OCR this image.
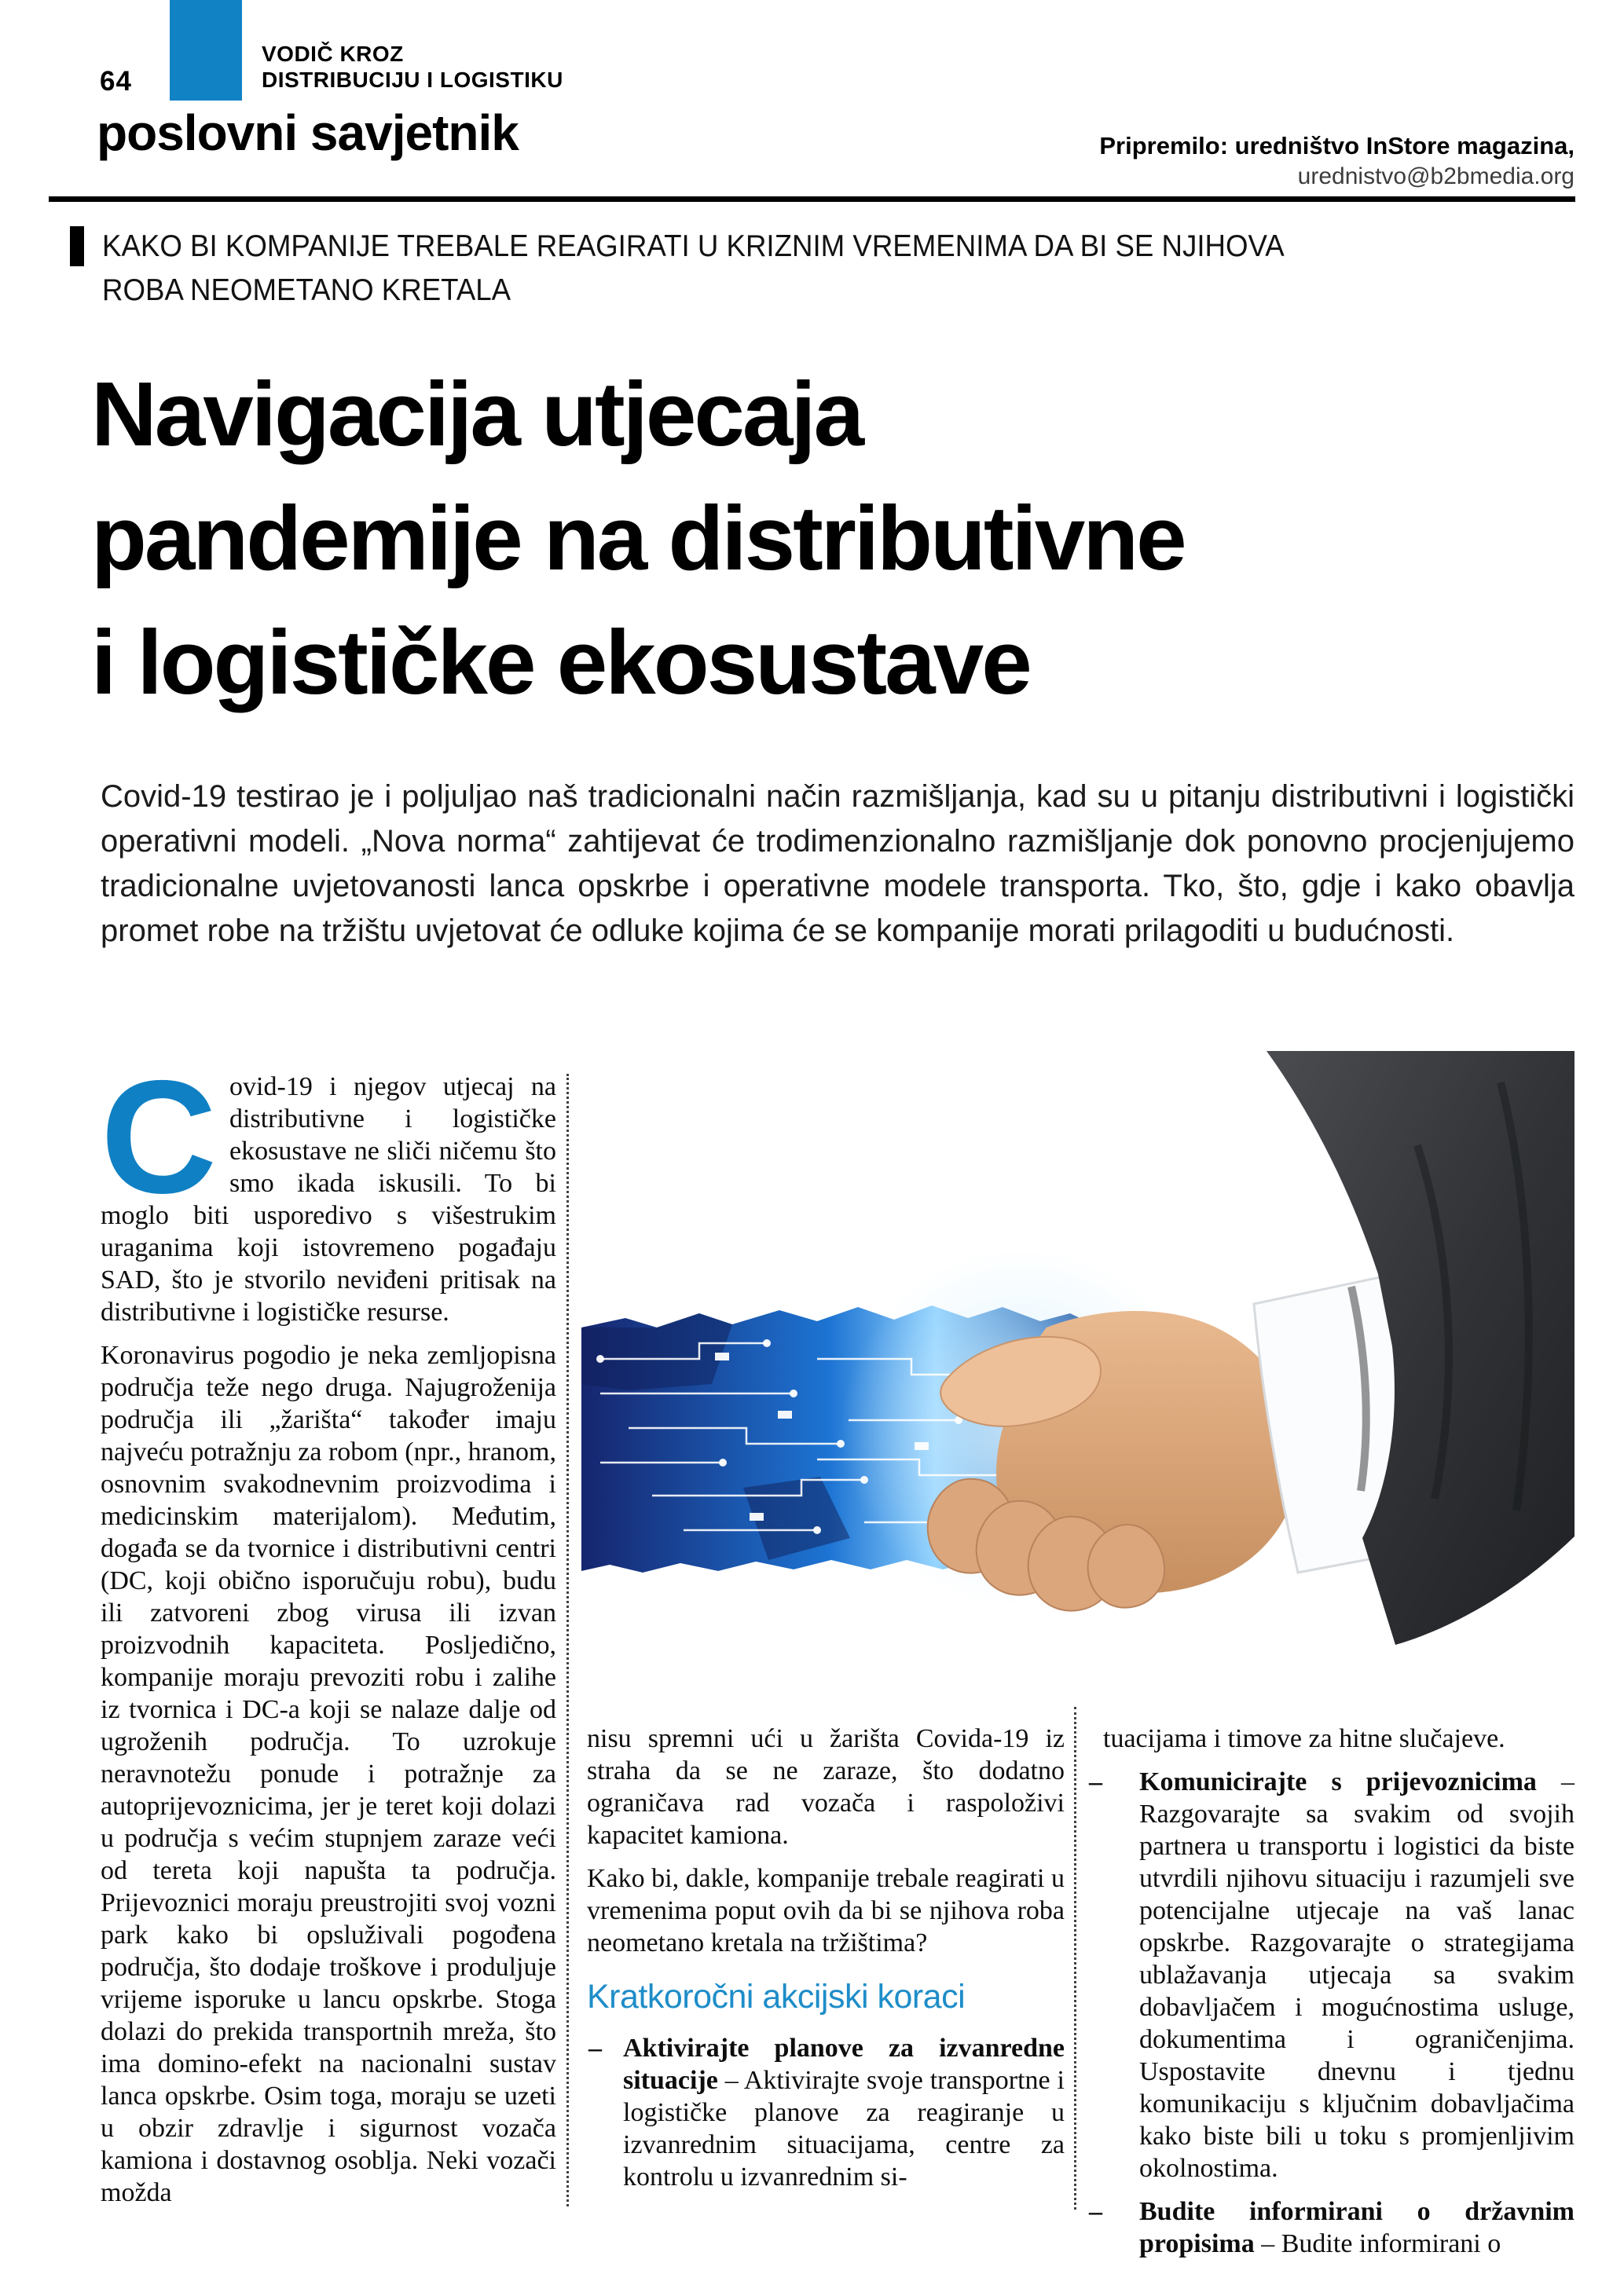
64
VODIČ KROZ
DISTRIBUCIJU I LOGISTIKU
poslovni savjetnik	Pripremilo: uredništvo InStore magazina,
urednistvo@b2bmedia.org
KAKO BI KOMPANIJE TREBALE REAGIRATI U KRIZNIM VREMENIMA DA BI SE NJIHOVA
ROBA NEOMETANO KRETALA
Navigacija utjecaja
pandemije na distributivne
i logističke ekosustave
Covid-19 testirao je i poljuljao naš tradicionalni način razmišljanja, kad su u pitanju distributivni i logistički operativni modeli. „Nova norma“ zahtijevat će trodimenzionalno razmišljanje dok ponovno procjenjujemo tradicionalne uvjetovanosti lanca opskrbe i operativne modele transporta. Tko, što, gdje i kako obavlja promet robe na tržištu uvjetovat će odluke kojima će se kompanije morati prilagoditi u budućnosti.

Covid-19 i njegov utjecaj na distributivne i logističke ekosustave ne sliči ničemu što smo ikada iskusili. To bi moglo biti usporedivo s višestrukim uraganima koji istovremeno pogađaju SAD, što je stvorilo neviđeni pritisak na distributivne i logističke resurse.

Koronavirus pogodio je neka zemljopisna područja teže nego druga. Najugroženija područja ili „žarišta“ također imaju najveću potražnju za robom (npr., hranom, osnovnim svakodnevnim proizvodima i medicinskim materijalom). Međutim, događa se da tvornice i distributivni centri (DC, koji obično isporučuju robu), budu ili zatvoreni zbog virusa ili izvan proizvodnih kapaciteta. Posljedično, kompanije moraju prevoziti robu i zalihe iz tvornica i DC-a koji se nalaze dalje od ugroženih područja. To uzrokuje neravnotežu ponude i potražnje za autoprijevoznicima, jer je teret koji dolazi u područja s većim stupnjem zaraze veći od tereta koji napušta ta područja. Prijevoznici moraju preustrojiti svoj vozni park kako bi opsluživali pogođena područja, što dodaje troškove i produljuje vrijeme isporuke u lancu opskrbe. Stoga dolazi do prekida transportnih mreža, što ima domino-efekt na nacionalni sustav lanca opskrbe. Osim toga, moraju se uzeti u obzir zdravlje i sigurnost vozača kamiona i dostavnog osoblja. Neki vozači možda

nisu spremni ući u žarišta Covida-19 iz straha da se ne zaraze, što dodatno ograničava rad vozača i raspoloživi kapacitet kamiona.

Kako bi, dakle, kompanije trebale reagirati u vremenima poput ovih da bi se njihova roba neometano kretala na tržištima?

Kratkoročni akcijski koraci
– Aktivirajte planove za izvanredne situacije – Aktivirajte svoje transportne i logističke planove za reagiranje u izvanrednim situacijama, centre za kontrolu u izvanrednim si-

tuacijama i timove za hitne slučajeve.

– Komunicirajte s prijevoznicima – Razgovarajte sa svakim od svojih partnera u transportu i logistici da biste utvrdili njihovu situaciju i razumjeli sve potencijalne utjecaje na vaš lanac opskrbe. Razgovarajte o strategijama ublažavanja utjecaja sa svakim dobavljačem i mogućnostima usluge, dokumentima i ograničenjima. Uspostavite dnevnu i tjednu komunikaciju s ključnim dobavljačima kako biste bili u toku s promjenljivim okolnostima.
– Budite informirani o državnim propisima – Budite informirani o
